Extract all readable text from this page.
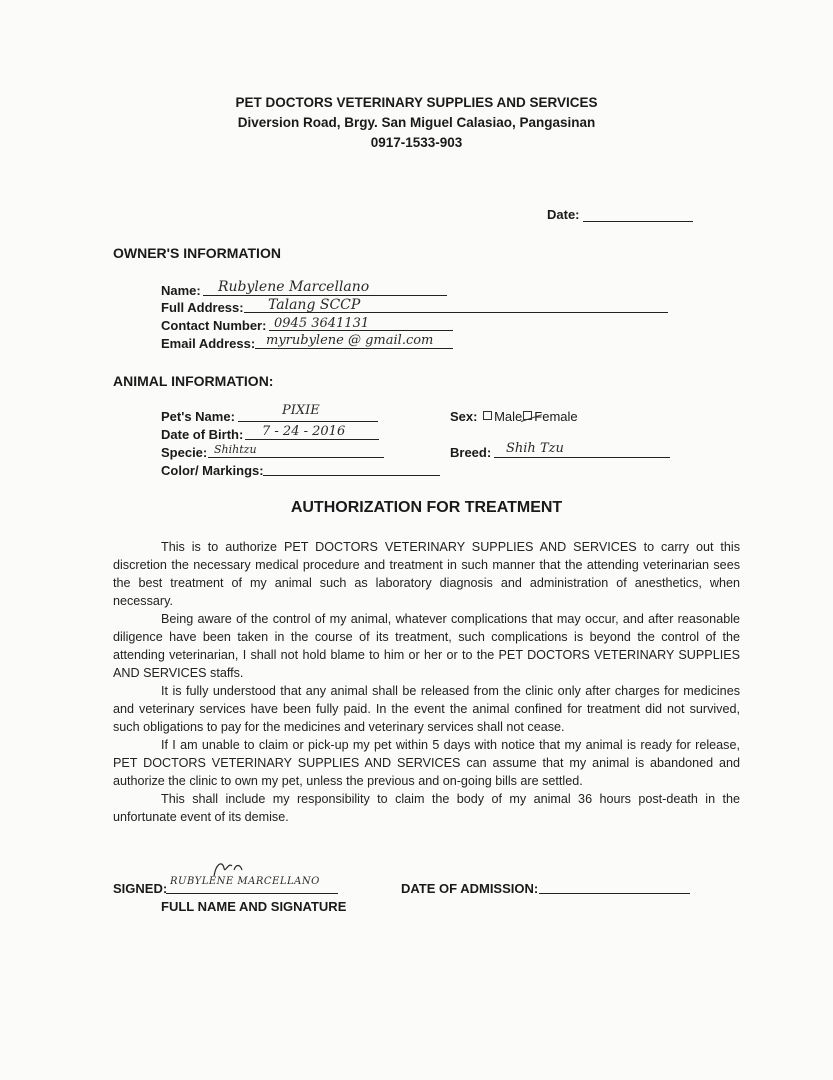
PET DOCTORS VETERINARY SUPPLIES AND SERVICES
Diversion Road, Brgy. San Miguel Calasiao, Pangasinan
0917-1533-903
Date:
OWNER'S INFORMATION
Name: Rubylene Marcellano
Full Address: Talang SCCP
Contact Number: 0945 3641131
Email Address: myrubylene @ gmail.com
ANIMAL INFORMATION:
Pet's Name:	PIXIE
Date of Birth: 7 - 24 - 2016
Specie: Shihtzu
Color/ Markings:
Sex: Male Female
Breed: Shih Tzu
AUTHORIZATION FOR TREATMENT

This is to authorize PET DOCTORS VETERINARY SUPPLIES AND SERVICES to carry out this discretion the necessary medical procedure and treatment in such manner that the attending veterinarian sees the best treatment of my animal such as laboratory diagnosis and administration of anesthetics, when necessary.

Being aware of the control of my animal, whatever complications that may occur, and after reasonable diligence have been taken in the course of its treatment, such complications is beyond the control of the attending veterinarian, I shall not hold blame to him or her or to the PET DOCTORS VETERINARY SUPPLIES AND SERVICES staffs.

It is fully understood that any animal shall be released from the clinic only after charges for medicines and veterinary services have been fully paid. In the event the animal confined for treatment did not survived, such obligations to pay for the medicines and veterinary services shall not cease.

If I am unable to claim or pick-up my pet within 5 days with notice that my animal is ready for release, PET DOCTORS VETERINARY SUPPLIES AND SERVICES can assume that my animal is abandoned and authorize the clinic to own my pet, unless the previous and on-going bills are settled.

This shall include my responsibility to claim the body of my animal 36 hours post-death in the unfortunate event of its demise.

SIGNED: RUBYLENE MARCELLANO
FULL NAME AND SIGNATURE
DATE OF ADMISSION:
